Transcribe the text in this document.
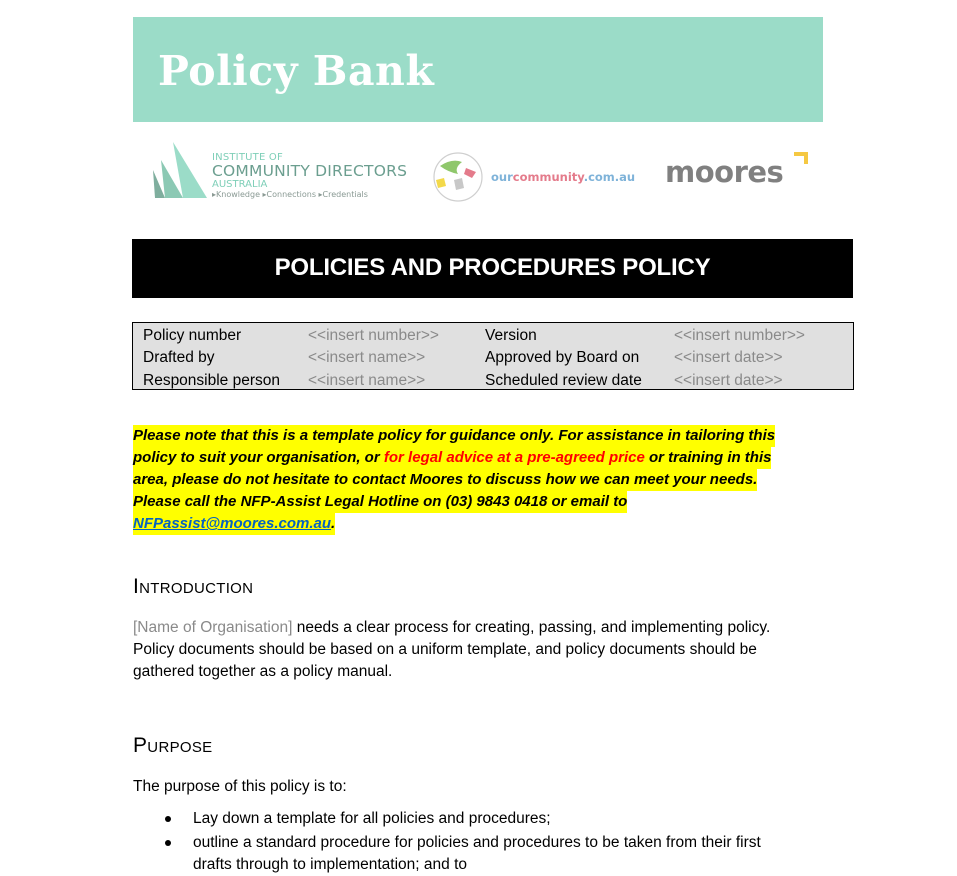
Policy Bank
INSTITUTE OF
COMMUNITY DIRECTORS
AUSTRALIA
▸Knowledge ▸Connections ▸Credentials
ourcommunity.com.au moores
POLICIES AND PROCEDURES POLICY
Policy number	<<insert number>>	Version	<<insert number>>
Drafted by	<<insert name>>	Approved by Board on <<insert date>>
Responsible person <<insert name>>	Scheduled review date <<insert date>>
Please note that this is a template policy for guidance only. For assistance in tailoring this
policy to suit your organisation, or for legal advice at a pre-agreed price or training in this
area, please do not hesitate to contact Moores to discuss how we can meet your needs.
Please call the NFP-Assist Legal Hotline on (03) 9843 0418 or email to
NFPassist@moores.com.au.
Introduction
[Name of Organisation] needs a clear process for creating, passing, and implementing policy.
Policy documents should be based on a uniform template, and policy documents should be
gathered together as a policy manual.
Purpose
The purpose of this policy is to:
Lay down a template for all policies and procedures;
outline a standard procedure for policies and procedures to be taken from their first
drafts through to implementation; and to
